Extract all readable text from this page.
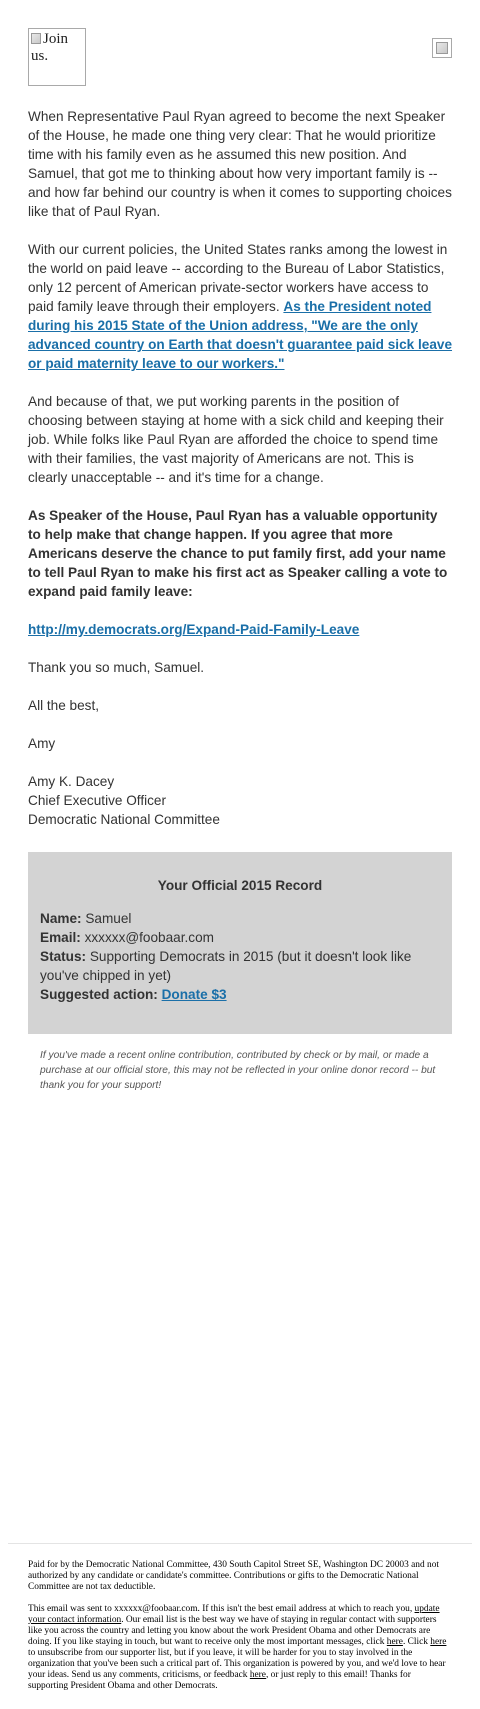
Join us.

When Representative Paul Ryan agreed to become the next Speaker of the House, he made one thing very clear: That he would prioritize time with his family even as he assumed this new position. And Samuel, that got me to thinking about how very important family is -- and how far behind our country is when it comes to supporting choices like that of Paul Ryan.

With our current policies, the United States ranks among the lowest in the world on paid leave -- according to the Bureau of Labor Statistics, only 12 percent of American private-sector workers have access to paid family leave through their employers. As the President noted during his 2015 State of the Union address, "We are the only advanced country on Earth that doesn't guarantee paid sick leave or paid maternity leave to our workers."

And because of that, we put working parents in the position of choosing between staying at home with a sick child and keeping their job. While folks like Paul Ryan are afforded the choice to spend time with their families, the vast majority of Americans are not. This is clearly unacceptable -- and it's time for a change.

As Speaker of the House, Paul Ryan has a valuable opportunity to help make that change happen. If you agree that more Americans deserve the chance to put family first, add your name to tell Paul Ryan to make his first act as Speaker calling a vote to expand paid family leave:

http://my.democrats.org/Expand-Paid-Family-Leave

Thank you so much, Samuel.

All the best,

Amy

Amy K. Dacey
Chief Executive Officer
Democratic National Committee

Your Official 2015 Record
Name: Samuel
Email: xxxxxx@foobaar.com
Status: Supporting Democrats in 2015 (but it doesn't look like you've chipped in yet)
Suggested action: Donate $3
If you've made a recent online contribution, contributed by check or by mail, or made a purchase at our official store, this may not be reflected in your online donor record -- but thank you for your support!

Paid for by the Democratic National Committee, 430 South Capitol Street SE, Washington DC 20003 and not authorized by any candidate or candidate's committee. Contributions or gifts to the Democratic National Committee are not tax deductible.

This email was sent to xxxxxx@foobaar.com. If this isn't the best email address at which to reach you, update your contact information. Our email list is the best way we have of staying in regular contact with supporters like you across the country and letting you know about the work President Obama and other Democrats are doing. If you like staying in touch, but want to receive only the most important messages, click here. Click here to unsubscribe from our supporter list, but if you leave, it will be harder for you to stay involved in the organization that you've been such a critical part of. This organization is powered by you, and we'd love to hear your ideas. Send us any comments, criticisms, or feedback here, or just reply to this email! Thanks for supporting President Obama and other Democrats.
